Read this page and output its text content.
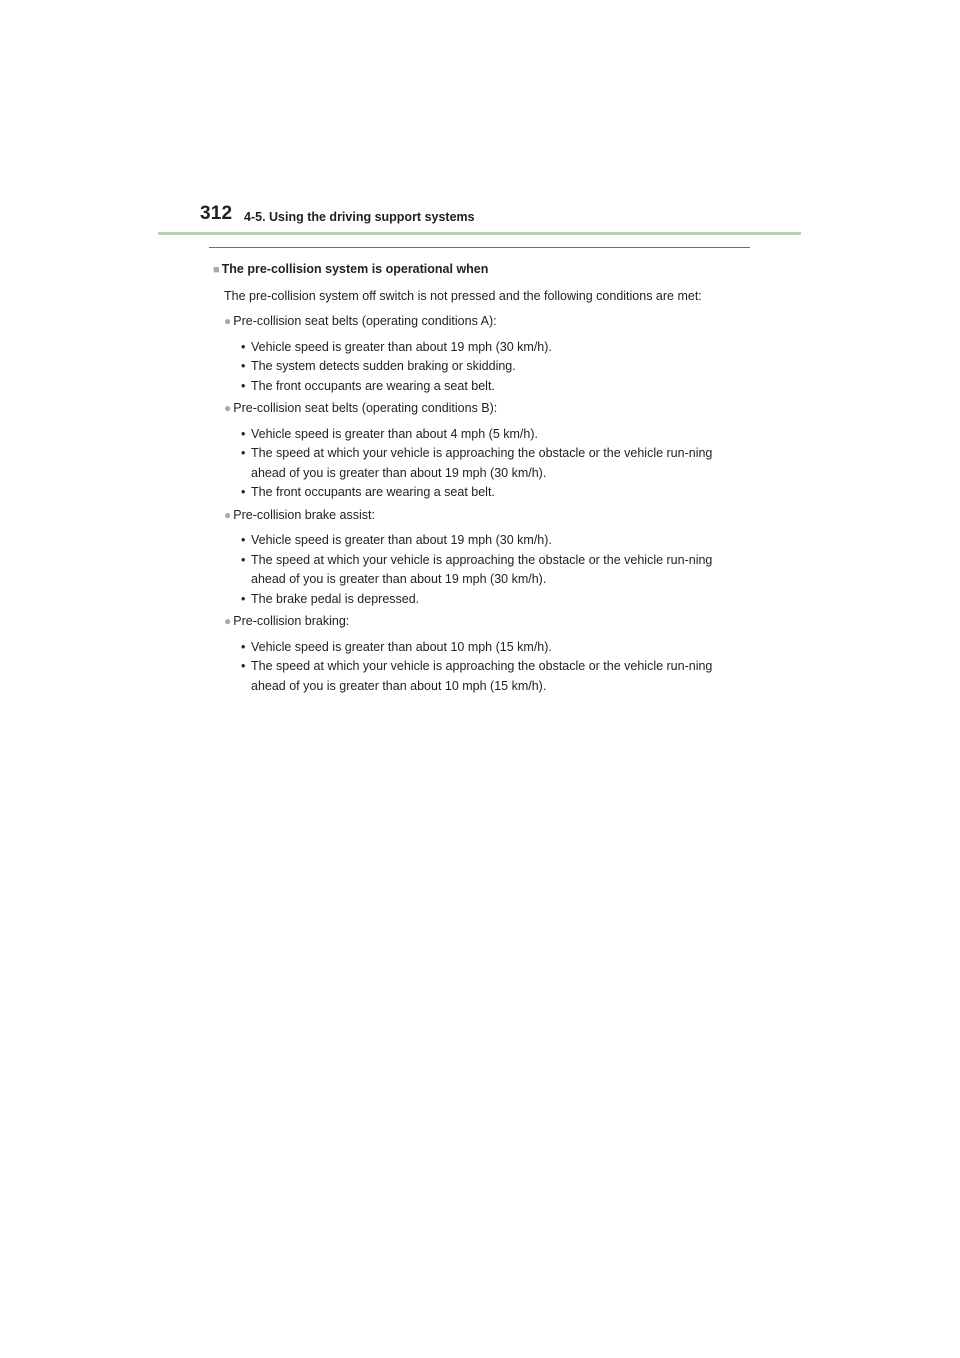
312 4-5. Using the driving support systems

■ The pre-collision system is operational when

The pre-collision system off switch is not pressed and the following conditions are met:

● Pre-collision seat belts (operating conditions A):

• Vehicle speed is greater than about 19 mph (30 km/h).
• The system detects sudden braking or skidding.
• The front occupants are wearing a seat belt.

● Pre-collision seat belts (operating conditions B):

• Vehicle speed is greater than about 4 mph (5 km/h).
• The speed at which your vehicle is approaching the obstacle or the vehicle run-ning ahead of you is greater than about 19 mph (30 km/h).
• The front occupants are wearing a seat belt.

● Pre-collision brake assist:

• Vehicle speed is greater than about 19 mph (30 km/h).
• The speed at which your vehicle is approaching the obstacle or the vehicle run-ning ahead of you is greater than about 19 mph (30 km/h).
• The brake pedal is depressed.

● Pre-collision braking:

• Vehicle speed is greater than about 10 mph (15 km/h).
• The speed at which your vehicle is approaching the obstacle or the vehicle run-ning ahead of you is greater than about 10 mph (15 km/h).
